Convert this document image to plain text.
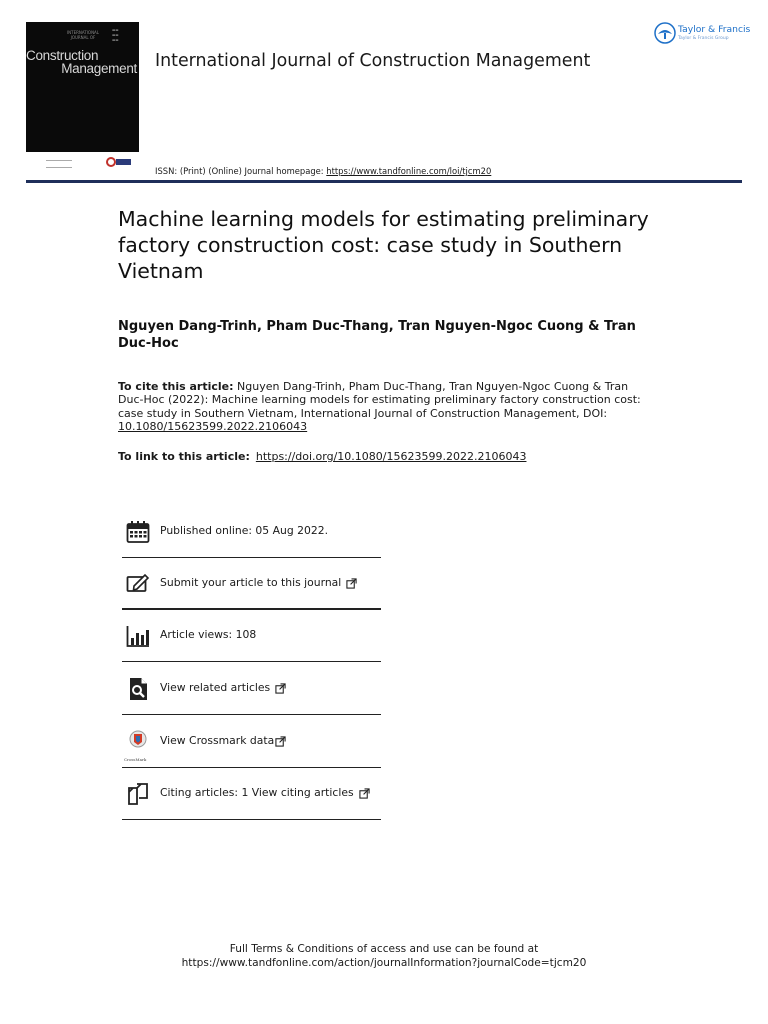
INTERNATIONAL JOURNAL OF
▬▬
▬▬
▬▬
Construction
Management International Journal of Construction Management
Taylor & Francis
Taylor & Francis Group
ISSN: (Print) (Online) Journal homepage: https://www.tandfonline.com/loi/tjcm20
Machine learning models for estimating preliminary factory construction cost: case study in Southern Vietnam
Nguyen Dang-Trinh, Pham Duc-Thang, Tran Nguyen-Ngoc Cuong & Tran Duc-Hoc
To cite this article: Nguyen Dang-Trinh, Pham Duc-Thang, Tran Nguyen-Ngoc Cuong & Tran Duc-Hoc (2022): Machine learning models for estimating preliminary factory construction cost: case study in Southern Vietnam, International Journal of Construction Management, DOI: 10.1080/15623599.2022.2106043
To link to this article: https://doi.org/10.1080/15623599.2022.2106043
Published online: 05 Aug 2022.
Submit your article to this journal
Article views: 108
View related articles
CrossMark
View Crossmark data
Citing articles: 1 View citing articles
Full Terms & Conditions of access and use can be found at
https://www.tandfonline.com/action/journalInformation?journalCode=tjcm20
